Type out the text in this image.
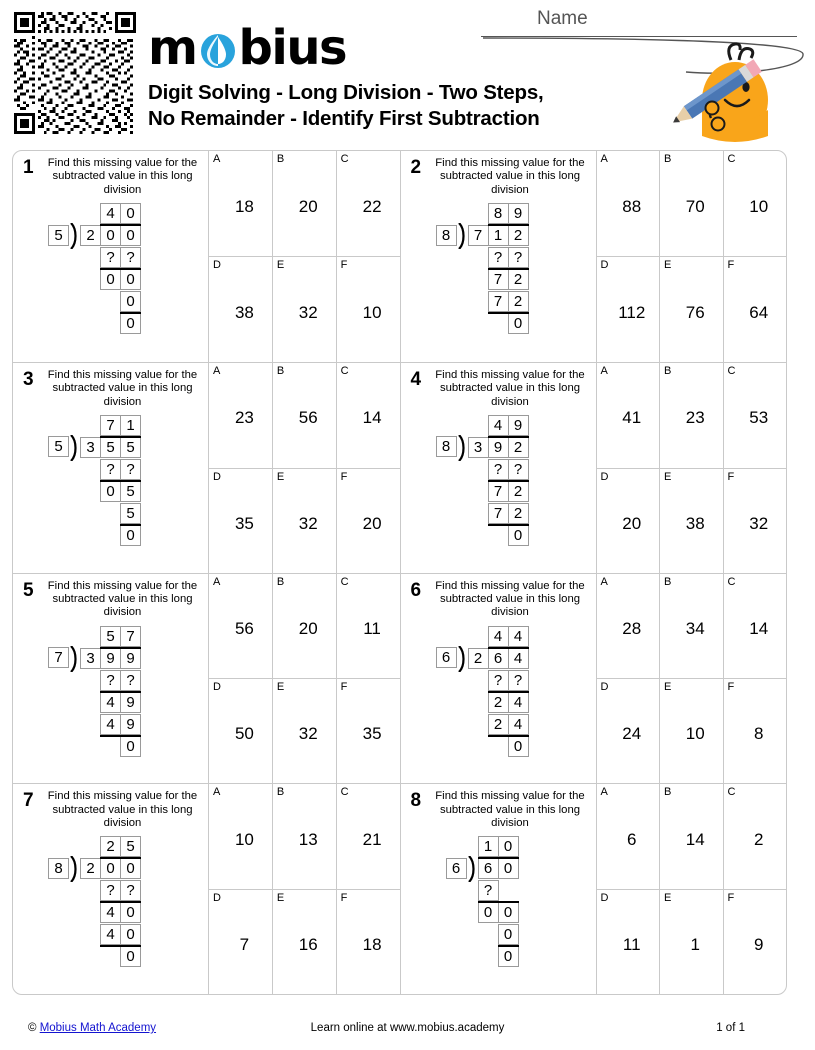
m bius
Digit Solving - Long Division - Two Steps,
No Remainder - Identify First Subtraction
Name
1	Find this missing value for the subtracted value in this long division
4 0
2 0 0
? ?
0 0
0
0
5
A
18
B
20
C
22
D
38
E
32
F
10
2	Find this missing value for the subtracted value in this long division
8 9
7 1 2
? ?
7 2
7 2
0
8
A
88
B
70
C
10
D
112
E
76
F
64
3	Find this missing value for the subtracted value in this long division
7 1
3 5 5
? ?
0 5
5
0
5
A
23
B
56
C
14
D
35
E
32
F
20
4	Find this missing value for the subtracted value in this long division
4 9
3 9 2
? ?
7 2
7 2
0
8
A
41
B
23
C
53
D
20
E
38
F
32
5	Find this missing value for the subtracted value in this long division
5 7
3 9 9
? ?
4 9
4 9
0
7
A
56
B
20
C
11
D
50
E
32
F
35
6	Find this missing value for the subtracted value in this long division
4 4
2 6 4
? ?
2 4
2 4
0
6
A
28
B
34
C
14
D
24
E
10
F
8
7	Find this missing value for the subtracted value in this long division
2 5
2 0 0
? ?
4 0
4 0
0
8
A
10
B
13
C
21
D
7
E
16
F
18
8	Find this missing value for the subtracted value in this long division
1 0
6 0
?
0 0
0
0
6
A
6
B
14
C
2
D
11
E
1
F
9
© Mobius Math Academy	Learn online at www.mobius.academy	1 of 1
